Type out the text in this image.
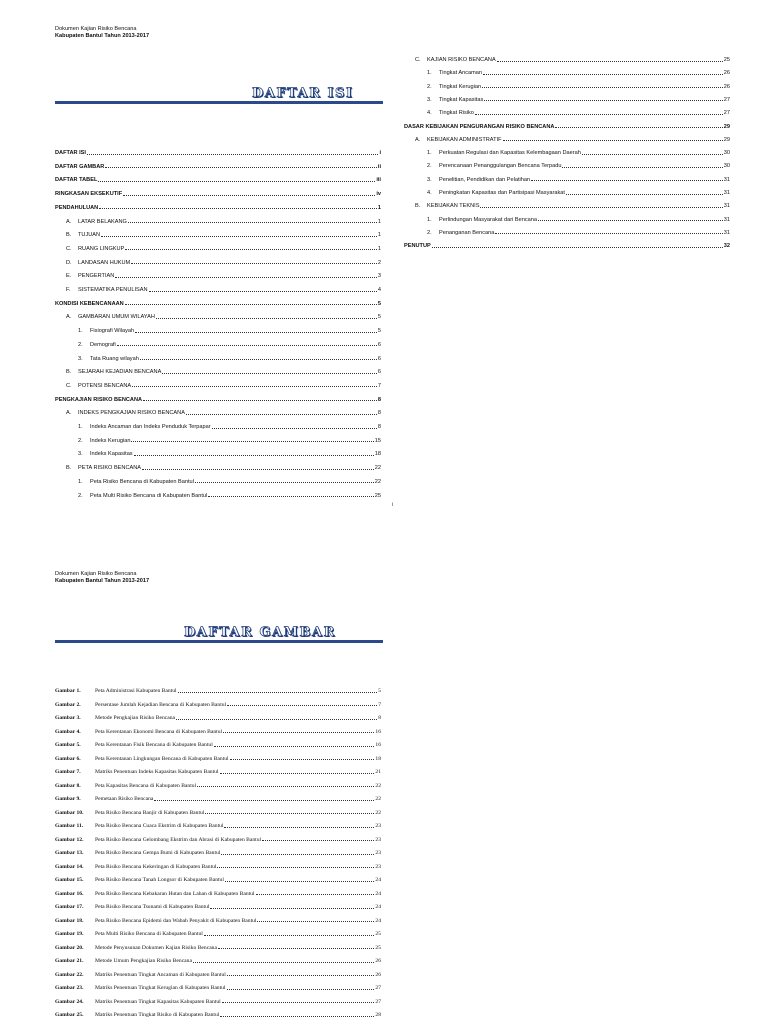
Dokumen Kajian Risiko Bencana
Kabupaten Bantul Tahun 2013-2017
DAFTAR ISI
DAFTAR ISI	i
DAFTAR GAMBAR	ii
DAFTAR TABEL	iii
RINGKASAN EKSEKUTIF	iv
PENDAHULUAN	1
A. LATAR BELAKANG	1
B. TUJUAN	1
C. RUANG LINGKUP	1
D. LANDASAN HUKUM	2
E. PENGERTIAN	3
F. SISTEMATIKA PENULISAN	4
KONDISI KEBENCANAAN	5
A. GAMBARAN UMUM WILAYAH	5
1. Fisiografi Wilayah	5
2. Demografi	6
3. Tata Ruang wilayah	6
B. SEJARAH KEJADIAN BENCANA	6
C. POTENSI BENCANA	7
PENGKAJIAN RISIKO BENCANA	8
A. INDEKS PENGKAJIAN RISIKO BENCANA	8
1. Indeks Ancaman dan Indeks Penduduk Terpapar	8
2. Indeks Kerugian	15
3. Indeks Kapasitas	18
B. PETA RISIKO BENCANA	22
1. Peta Risiko Bencana di Kabupaten Bantul	22
2. Peta Multi Risiko Bencana di Kabupaten Bantul	25
C. KAJIAN RISIKO BENCANA	25
1. Tingkat Ancaman	26
2. Tingkat Kerugian	26
3. Tingkat Kapasitas	27
4. Tingkat Risiko	27
DASAR KEBIJAKAN PENGURANGAN RISIKO BENCANA	29
A. KEBIJAKAN ADMINISTRATIF	29
1. Perkuatan Regulasi dan Kapasitas Kelembagaan Daerah	30
2. Perencanaan Penanggulangan Bencana Terpadu	30
3. Penelitian, Pendidikan dan Pelatihan	31
4. Peningkatan Kapasitas dan Partisipasi Masyarakat	31
B. KEBIJAKAN TEKNIS	31
1. Perlindungan Masyarakat dari Bencana	31
2. Penanganan Bencana	31
PENUTUP	32
i
Dokumen Kajian Risiko Bencana
Kabupaten Bantul Tahun 2013-2017
DAFTAR GAMBAR
Gambar 1.	Peta Administrasi Kabupaten Bantul	5
Gambar 2.	Persentase Jumlah Kejadian Bencana di Kabupaten Bantul	7
Gambar 3.	Metode Pengkajian Risiko Bencana	8
Gambar 4.	Peta Kerentanan Ekonomi Bencana di Kabupaten Bantul	16
Gambar 5.	Peta Kerentanan Fisik Bencana di Kabupaten Bantul	16
Gambar 6.	Peta Kerentanan Lingkungan Bencana di Kabupaten Bantul	18
Gambar 7.	Matriks Penentuan Indeks Kapasitas Kabupaten Bantul	21
Gambar 8.	Peta Kapasitas Bencana di Kabupaten Bantul	22
Gambar 9.	Pemetaan Risiko Bencana	22
Gambar 10. Peta Risiko Bencana Banjir di Kabupaten Bantul	22
Gambar 11. Peta Risiko Bencana Cuaca Ekstrim di Kabupaten Bantul	23
Gambar 12. Peta Risiko Bencana Gelombang Ekstrim dan Abrasi di Kabupaten Bantul	23
Gambar 13. Peta Risiko Bencana Gempa Bumi di Kabupaten Bantul	23
Gambar 14. Peta Risiko Bencana Kekeringan di Kabupaten Bantul	23
Gambar 15. Peta Risiko Bencana Tanah Longsor di Kabupaten Bantul	24
Gambar 16. Peta Risiko Bencana Kebakaran Hutan dan Lahan di Kabupaten Bantul	24
Gambar 17. Peta Risiko Bencana Tsunami di Kabupaten Bantul	24
Gambar 18. Peta Risiko Bencana Epidemi dan Wabah Penyakit di Kabupaten Bantul	24
Gambar 19. Peta Multi Risiko Bencana di Kabupaten Bantul	25
Gambar 20. Metode Penyusunan Dokumen Kajian Risiko Bencana	25
Gambar 21. Metode Umum Pengkajian Risiko Bencana	26
Gambar 22. Matriks Penentuan Tingkat Ancaman di Kabupaten Bantul	26
Gambar 23. Matriks Penentuan Tingkat Kerugian di Kabupaten Bantul	27
Gambar 24. Matriks Penentuan Tingkat Kapasitas Kabupaten Bantul	27
Gambar 25. Matriks Penentuan Tingkat Risiko di Kabupaten Bantul	28
